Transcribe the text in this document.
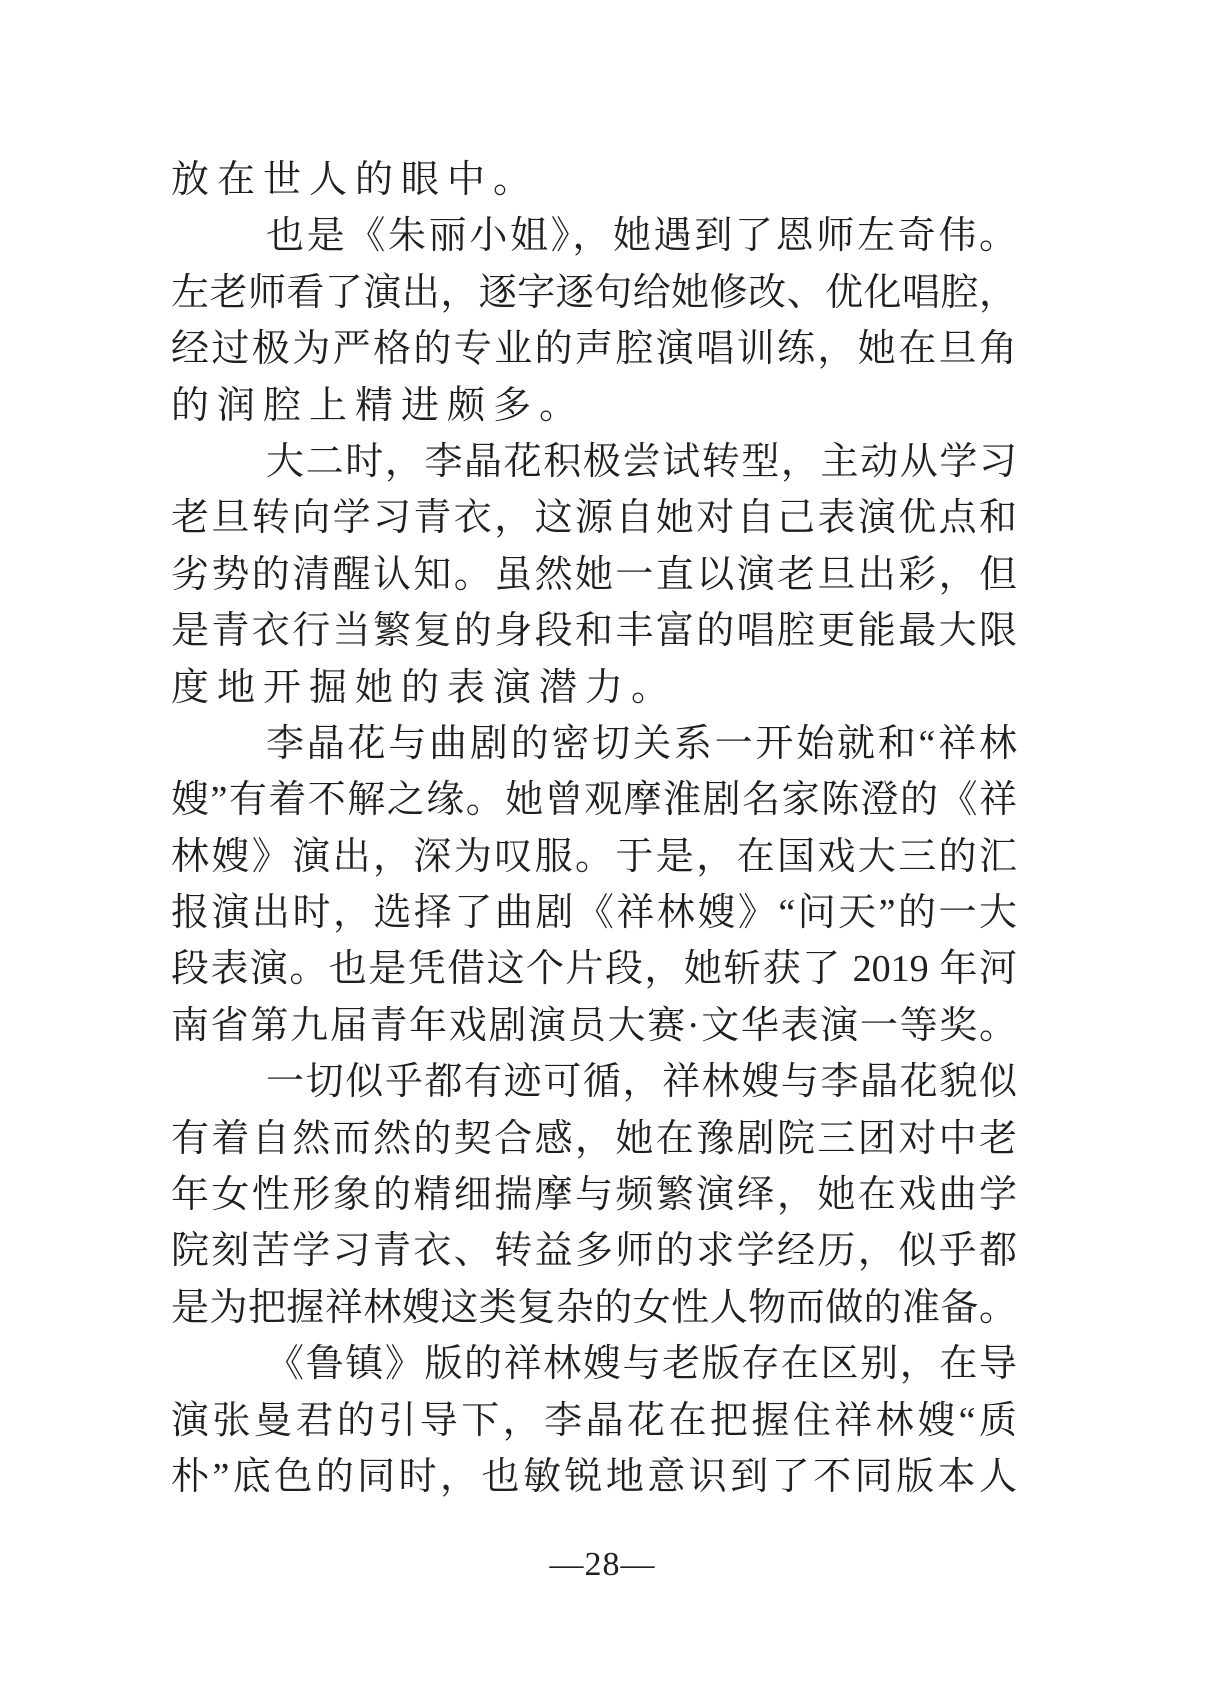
放在世人的眼中。
也是《朱丽小姐》，她遇到了恩师左奇伟。
左老师看了演出，逐字逐句给她修改、优化唱腔，
经过极为严格的专业的声腔演唱训练，她在旦角
的润腔上精进颇多。
大二时，李晶花积极尝试转型，主动从学习
老旦转向学习青衣，这源自她对自己表演优点和
劣势的清醒认知。虽然她一直以演老旦出彩，但
是青衣行当繁复的身段和丰富的唱腔更能最大限
度地开掘她的表演潜力。
李晶花与曲剧的密切关系一开始就和“祥林
嫂”有着不解之缘。她曾观摩淮剧名家陈澄的《祥
林嫂》演出，深为叹服。于是，在国戏大三的汇
报演出时，选择了曲剧《祥林嫂》“问天”的一大
段表演。也是凭借这个片段，她斩获了 2019 年河
南省第九届青年戏剧演员大赛·文华表演一等奖。
一切似乎都有迹可循，祥林嫂与李晶花貌似
有着自然而然的契合感，她在豫剧院三团对中老
年女性形象的精细揣摩与频繁演绎，她在戏曲学
院刻苦学习青衣、转益多师的求学经历，似乎都
是为把握祥林嫂这类复杂的女性人物而做的准备。
《鲁镇》版的祥林嫂与老版存在区别，在导
演张曼君的引导下，李晶花在把握住祥林嫂“质
朴”底色的同时，也敏锐地意识到了不同版本人
—28—
